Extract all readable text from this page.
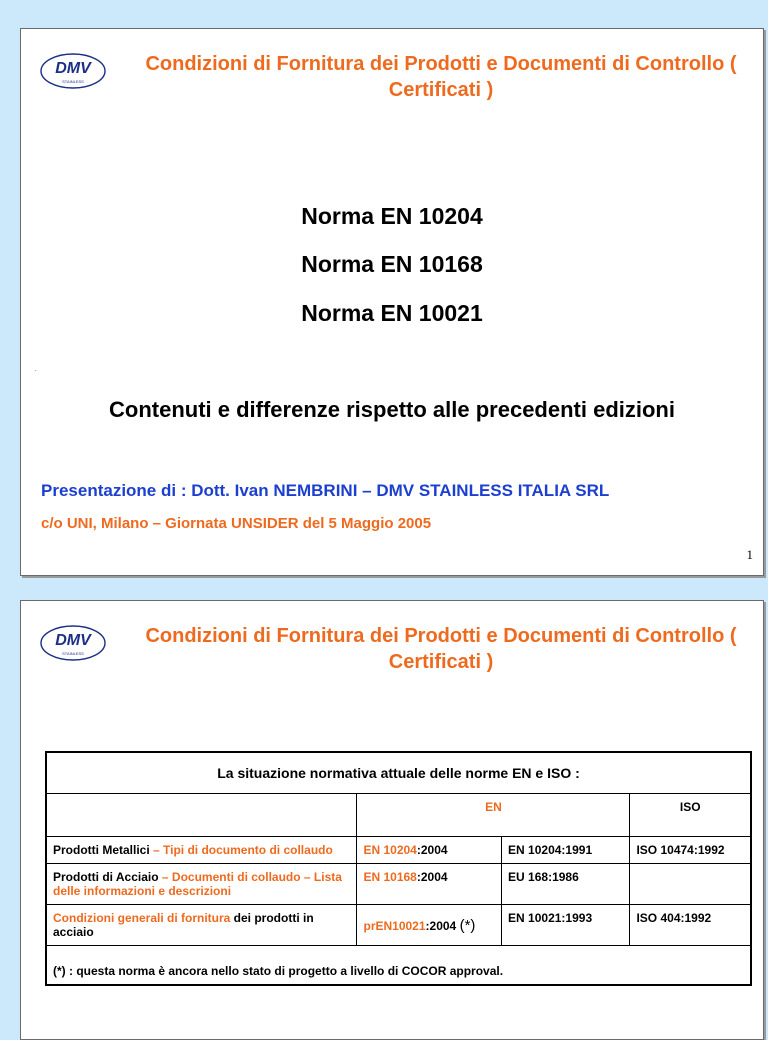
DMV
STAINLESS
Condizioni di Fornitura dei Prodotti e Documenti di Controllo ( Certificati )
Norma EN 10204
Norma EN 10168
Norma EN 10021
.
Contenuti e differenze rispetto alle precedenti edizioni
Presentazione di : Dott. Ivan NEMBRINI – DMV STAINLESS ITALIA SRL
c/o UNI, Milano – Giornata UNSIDER del 5 Maggio 2005
1
DMV
STAINLESS
Condizioni di Fornitura dei Prodotti e Documenti di Controllo ( Certificati )
La situazione normativa attuale delle norme EN e ISO :			
	EN		ISO
Prodotti Metallici – Tipi di documento di collaudo	EN 10204:2004	EN 10204:1991	ISO 10474:1992
Prodotti di Acciaio – Documenti di collaudo – Lista delle informazioni e descrizioni	EN 10168:2004	EU 168:1986	
Condizioni generali di fornitura dei prodotti in acciaio	prEN10021:2004 (*)	EN 10021:1993	ISO 404:1992
(*) : questa norma è ancora nello stato di progetto a livello di COCOR approval.			
